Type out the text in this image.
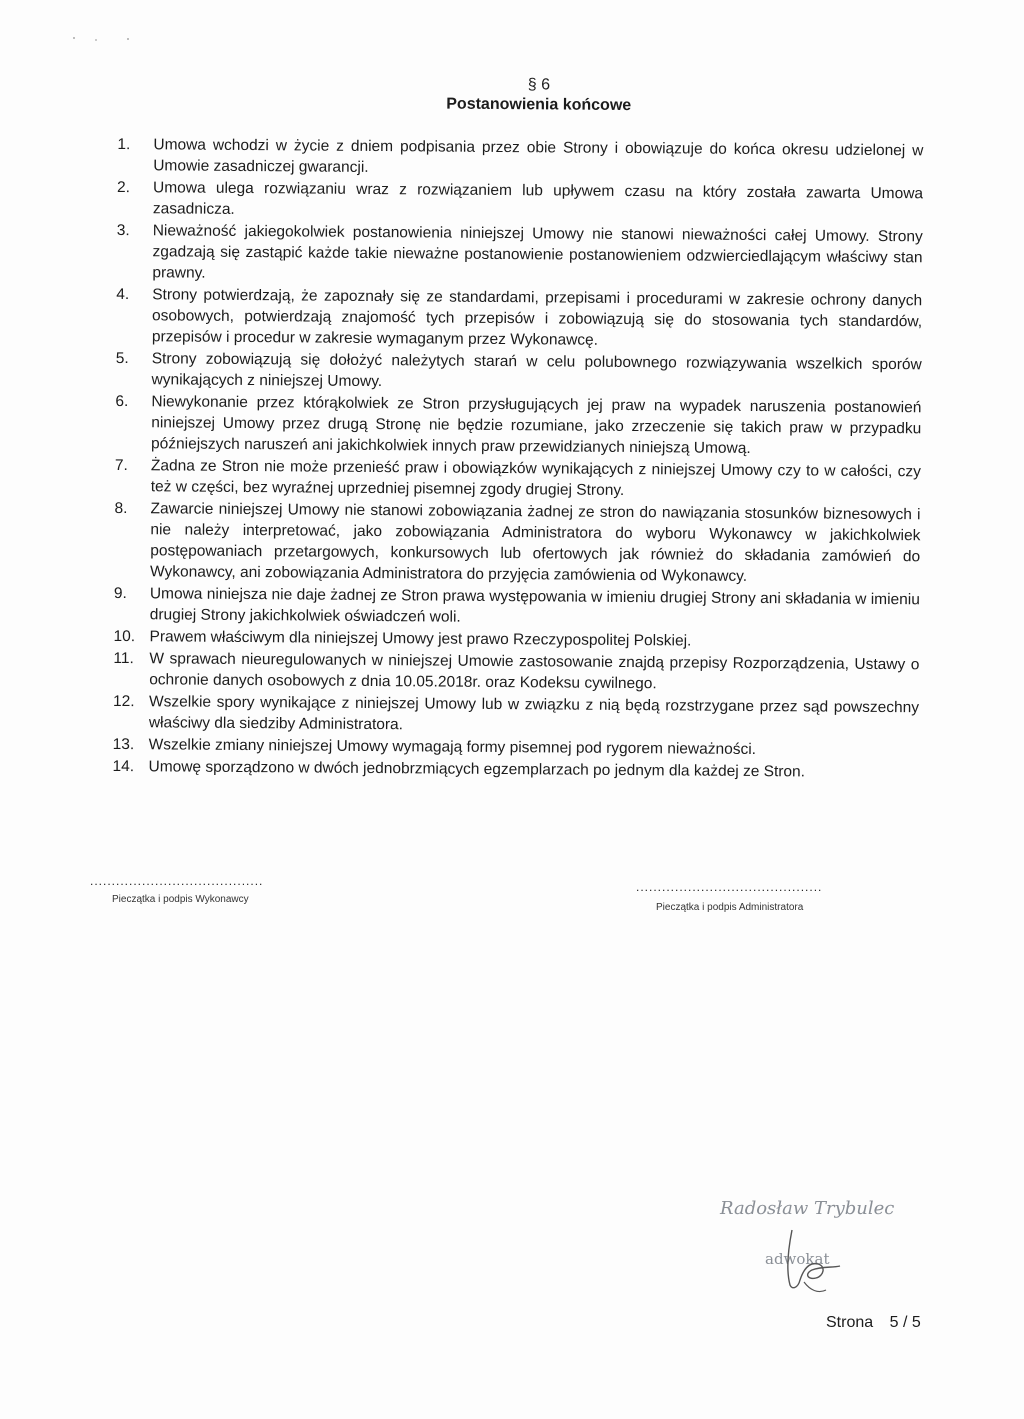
§ 6

Postanowienia końcowe

1.	Umowa wchodzi w życie z dniem podpisania przez obie Strony i obowiązuje do końca okresu udzielonej w Umowie zasadniczej gwarancji.
2.	Umowa ulega rozwiązaniu wraz z rozwiązaniem lub upływem czasu na który została zawarta Umowa zasadnicza.
3.	Nieważność jakiegokolwiek postanowienia niniejszej Umowy nie stanowi nieważności całej Umowy. Strony zgadzają się zastąpić każde takie nieważne postanowienie postanowieniem odzwierciedlającym właściwy stan prawny.
4.	Strony potwierdzają, że zapoznały się ze standardami, przepisami i procedurami w zakresie ochrony danych osobowych, potwierdzają znajomość tych przepisów i zobowiązują się do stosowania tych standardów, przepisów i procedur w zakresie wymaganym przez Wykonawcę.
5.	Strony zobowiązują się dołożyć należytych starań w celu polubownego rozwiązywania wszelkich sporów wynikających z niniejszej Umowy.
6.	Niewykonanie przez którąkolwiek ze Stron przysługujących jej praw na wypadek naruszenia postanowień niniejszej Umowy przez drugą Stronę nie będzie rozumiane, jako zrzeczenie się takich praw w przypadku późniejszych naruszeń ani jakichkolwiek innych praw przewidzianych niniejszą Umową.
7.	Żadna ze Stron nie może przenieść praw i obowiązków wynikających z niniejszej Umowy czy to w całości, czy też w części, bez wyraźnej uprzedniej pisemnej zgody drugiej Strony.
8.	Zawarcie niniejszej Umowy nie stanowi zobowiązania żadnej ze stron do nawiązania stosunków biznesowych i nie należy interpretować, jako zobowiązania Administratora do wyboru Wykonawcy w jakichkolwiek postępowaniach przetargowych, konkursowych lub ofertowych jak również do składania zamówień do Wykonawcy, ani zobowiązania Administratora do przyjęcia zamówienia od Wykonawcy.
9.	Umowa niniejsza nie daje żadnej ze Stron prawa występowania w imieniu drugiej Strony ani składania w imieniu drugiej Strony jakichkolwiek oświadczeń woli.
10. Prawem właściwym dla niniejszej Umowy jest prawo Rzeczypospolitej Polskiej.
11. W sprawach nieuregulowanych w niniejszej Umowie zastosowanie znajdą przepisy Rozporządzenia, Ustawy o ochronie danych osobowych z dnia 10.05.2018r. oraz Kodeksu cywilnego.
12. Wszelkie spory wynikające z niniejszej Umowy lub w związku z nią będą rozstrzygane przez sąd powszechny właściwy dla siedziby Administratora.
13. Wszelkie zmiany niniejszej Umowy wymagają formy pisemnej pod rygorem nieważności.
14. Umowę sporządzono w dwóch jednobrzmiących egzemplarzach po jednym dla każdej ze Stron.
........................................
Pieczątka i podpis Wykonawcy
...........................................
Pieczątka i podpis Administratora
Radosław Trybulec
adwokat
Strona 5 / 5
